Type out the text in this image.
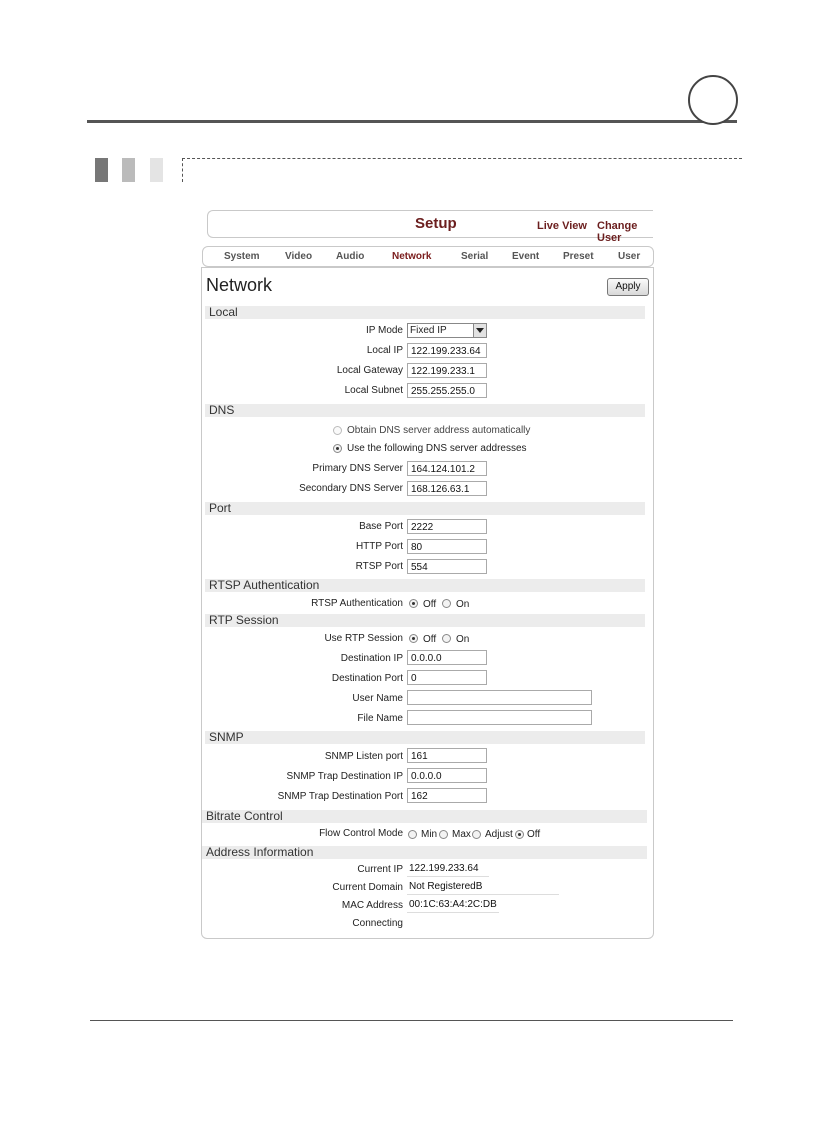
Setup	Live View Change User
System	Video Audio	Network	Serial Event Preset User
Network	Apply
Local
IP Mode Fixed IP
Local IP 122.199.233.64
Local Gateway 122.199.233.1
Local Subnet 255.255.255.0
DNS
Obtain DNS server address automatically
Use the following DNS server addresses
Primary DNS Server 164.124.101.2
Secondary DNS Server 168.126.63.1
Port
Base Port 2222
HTTP Port 80
RTSP Port 554
RTSP Authentication
RTSP Authentication Off On
RTP Session
Use RTP Session Off On
Destination IP 0.0.0.0
Destination Port 0
User Name
File Name
SNMP
SNMP Listen port 161
SNMP Trap Destination IP 0.0.0.0
SNMP Trap Destination Port 162
Bitrate Control
Flow Control Mode Min Max Adjust Off
Address Information
Current IP 122.199.233.64
Current Domain Not RegisteredB
MAC Address 00:1C:63:A4:2C:DB
Connecting
